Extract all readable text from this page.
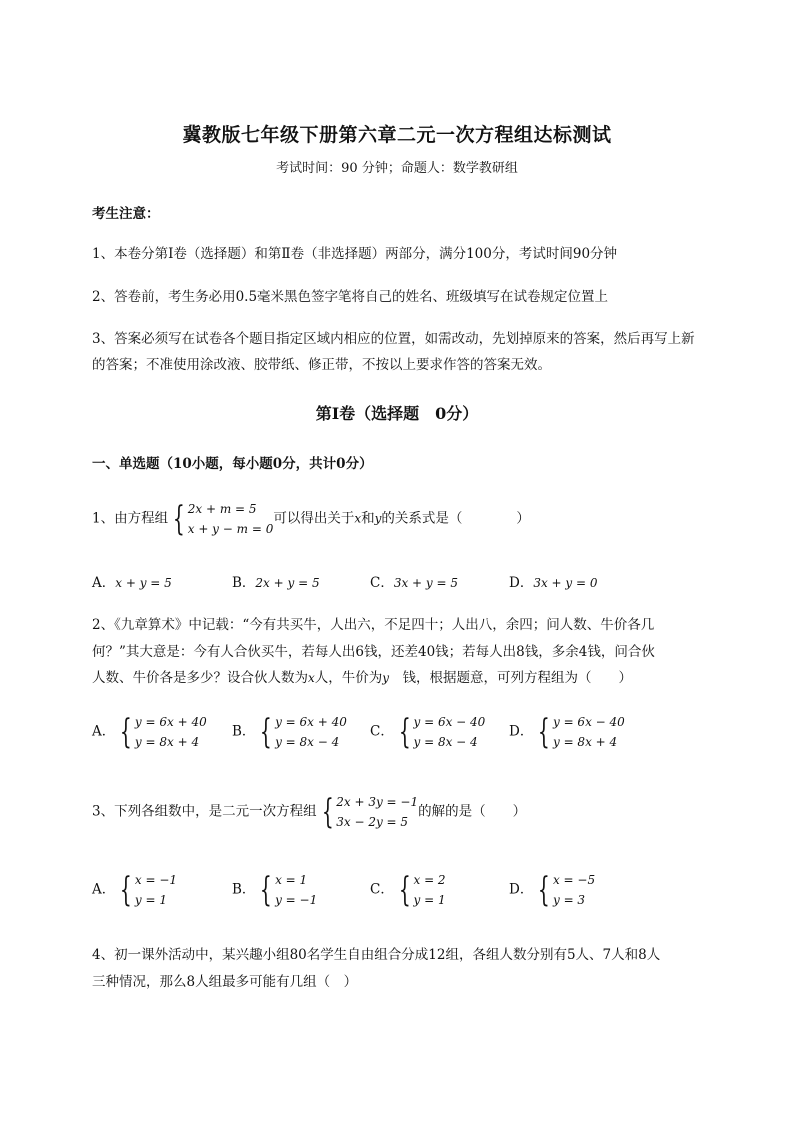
冀教版七年级下册第六章二元一次方程组达标测试
考试时间：90 分钟；命题人：数学教研组
考生注意：
1、本卷分第Ⅰ卷（选择题）和第Ⅱ卷（非选择题）两部分，满分100分，考试时间90分钟
2、答卷前，考生务必用0.5毫米黑色签字笔将自己的姓名、班级填写在试卷规定位置上
3、答案必须写在试卷各个题目指定区域内相应的位置，如需改动，先划掉原来的答案，然后再写上新
的答案；不准使用涂改液、胶带纸、修正带，不按以上要求作答的答案无效。
第Ⅰ卷（选择题　0分）
一、单选题（10小题，每小题0分，共计0分）
1、由方程组 { 2x + m = 5
x + y − m = 0
可以得出关于x和y的关系式是（　　　　）
A．x + y = 5	B．2x + y = 5	C．3x + y = 5	D．3x + y = 0
2、《九章算术》中记载：“今有共买牛，人出六，不足四十；人出八，余四；问人数、牛价各几
何？”其大意是：今有人合伙买牛，若每人出6钱，还差40钱；若每人出8钱，多余4钱，问合伙
人数、牛价各是多少？设合伙人数为x人，牛价为y　钱，根据题意，可列方程组为（　　）
A． { y = 6x + 40
y = 8x + 4
B． { y = 6x + 40
y = 8x − 4
C． { y = 6x − 40
y = 8x − 4
D． { y = 6x − 40
y = 8x + 4
3、下列各组数中，是二元一次方程组 { 2x + 3y = −1
3x − 2y = 5
的解的是（　　）
A． { x = −1
y = 1
B． { x = 1
y = −1
C． { x = 2
y = 1
D． { x = −5
y = 3
4、初一课外活动中，某兴趣小组80名学生自由组合分成12组，各组人数分别有5人、7人和8人
三种情况，那么8人组最多可能有几组（　）
